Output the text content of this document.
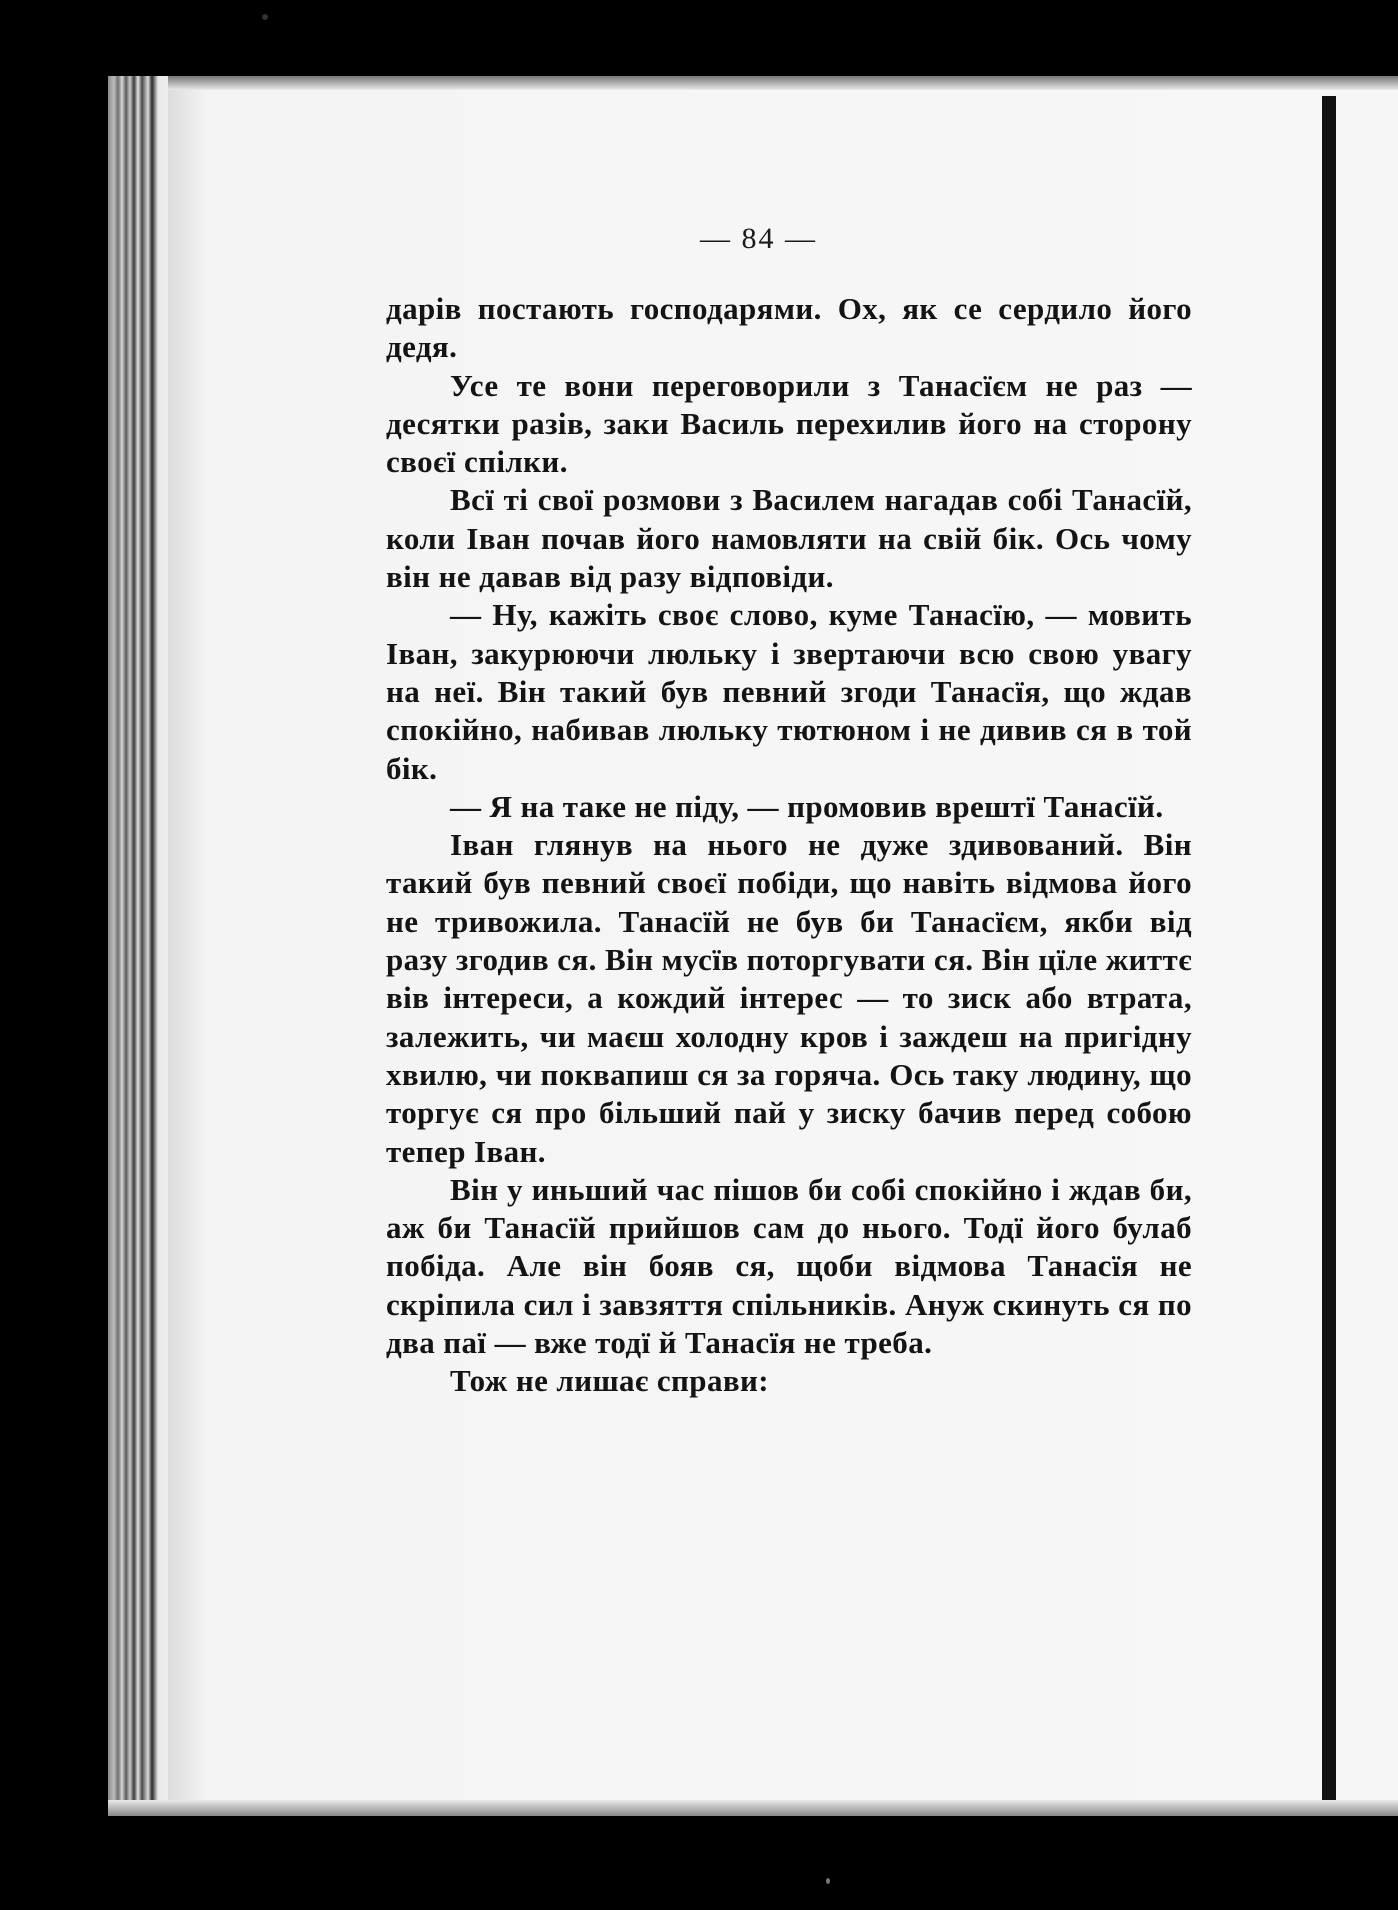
— 84 —

дарів постають господарями. Ох, як се сердило його дедя.

Усе те вони переговорили з Танасїєм не раз — десятки разів, заки Василь перехилив його на сторону своєї спілки.

Всї ті свої розмови з Василем нагадав собі Танасїй, коли Іван почав його намовляти на свій бік. Ось чому він не давав від разу відповіди.

— Ну, кажіть своє слово, куме Танасїю, — мовить Іван, закурюючи люльку і звертаючи всю свою увагу на неї. Він такий був певний згоди Танасїя, що ждав спокійно, набивав люльку тютюном і не дивив ся в той бік.

— Я на таке не піду, — промовив врештї Танасїй.

Іван глянув на нього не дуже здивований. Він такий був певний своєї побіди, що навіть відмова його не тривожила. Танасїй не був би Танасїєм, якби від разу згодив ся. Він мусїв поторгувати ся. Він цїле життє вів інтереси, а кождий інтерес — то зиск або втрата, залежить, чи маєш холодну кров і заждеш на пригідну хвилю, чи поквапиш ся за горяча. Ось таку людину, що торгує ся про більший пай у зиску бачив перед собою тепер Іван.

Він у иньший час пішов би собі спокійно і ждав би, аж би Танасїй прийшов сам до нього. Тодї його булаб побіда. Але він бояв ся, щоби відмова Танасїя не скріпила сил і завзяття спільників. Ануж скинуть ся по два паї — вже тодї й Танасїя не треба.

Тож не лишає справи:
